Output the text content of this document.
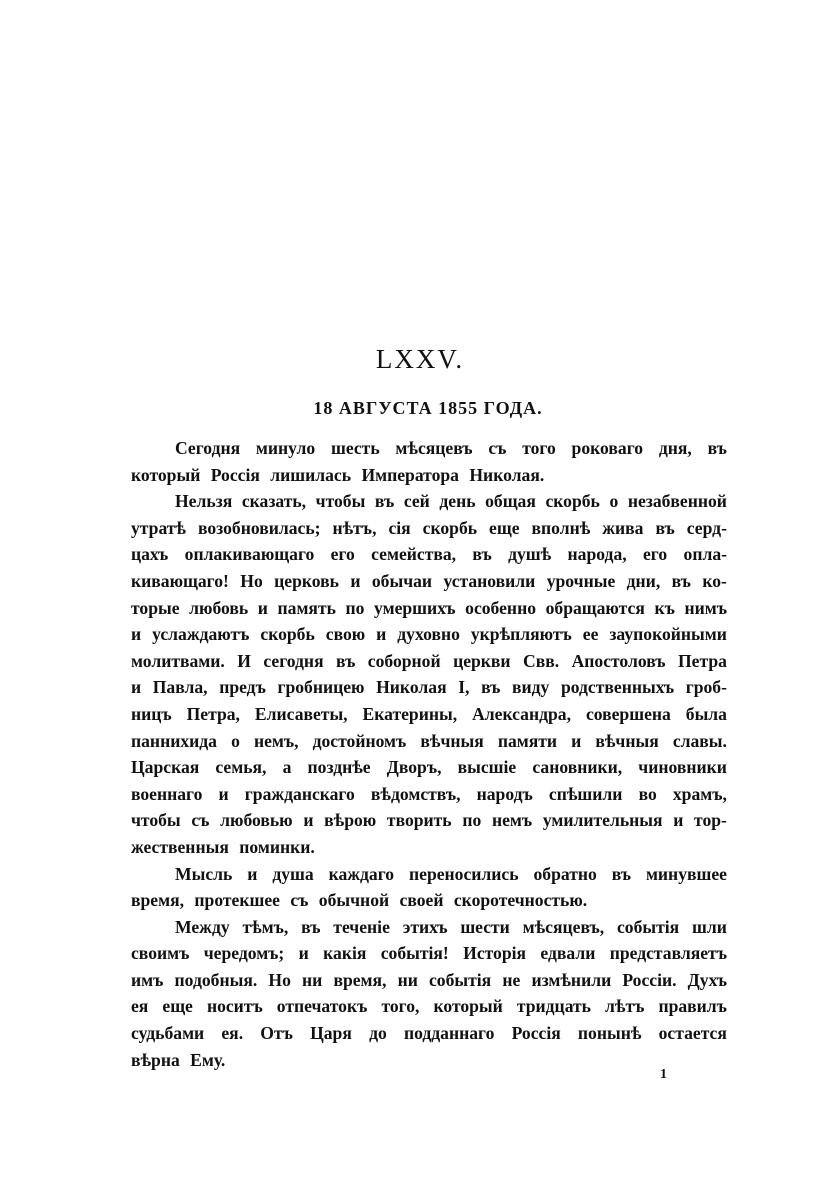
LXXV.
18 АВГУСТА 1855 ГОДА.
Сегодня минуло шесть мѣсяцевъ съ того роковаго дня, въ
который Россія лишилась Императора Николая.
Нельзя сказать, чтобы въ сей день общая скорбь о незабвенной
утратѣ возобновилась; нѣтъ, сія скорбь еще вполнѣ жива въ серд-
цахъ оплакивающаго его семейства, въ душѣ народа, его опла-
кивающаго! Но церковь и обычаи установили урочные дни, въ ко-
торые любовь и память по умершихъ особенно обращаются къ нимъ
и услаждаютъ скорбь свою и духовно укрѣпляютъ ее заупокойными
молитвами. И сегодня въ соборной церкви Свв. Апостоловъ Петра
и Павла, предъ гробницею Николая I, въ виду родственныхъ гроб-
ницъ Петра, Елисаветы, Екатерины, Александра, совершена была
паннихида о немъ, достойномъ вѣчныя памяти и вѣчныя славы.
Царская семья, а позднѣе Дворъ, высшіе сановники, чиновники
военнаго и гражданскаго вѣдомствъ, народъ спѣшили во храмъ,
чтобы съ любовью и вѣрою творить по немъ умилительныя и тор-
жественныя поминки.
Мысль и душа каждаго переносились обратно въ минувшее
время, протекшее съ обычной своей скоротечностью.
Между тѣмъ, въ теченіе этихъ шести мѣсяцевъ, событія шли
своимъ чередомъ; и какія событія! Исторія едвали представляетъ
имъ подобныя. Но ни время, ни событія не измѣнили Россіи. Духъ
ея еще носитъ отпечатокъ того, который тридцать лѣтъ правилъ
судьбами ея. Отъ Царя до подданнаго Россія понынѣ остается
вѣрна Ему.
1
